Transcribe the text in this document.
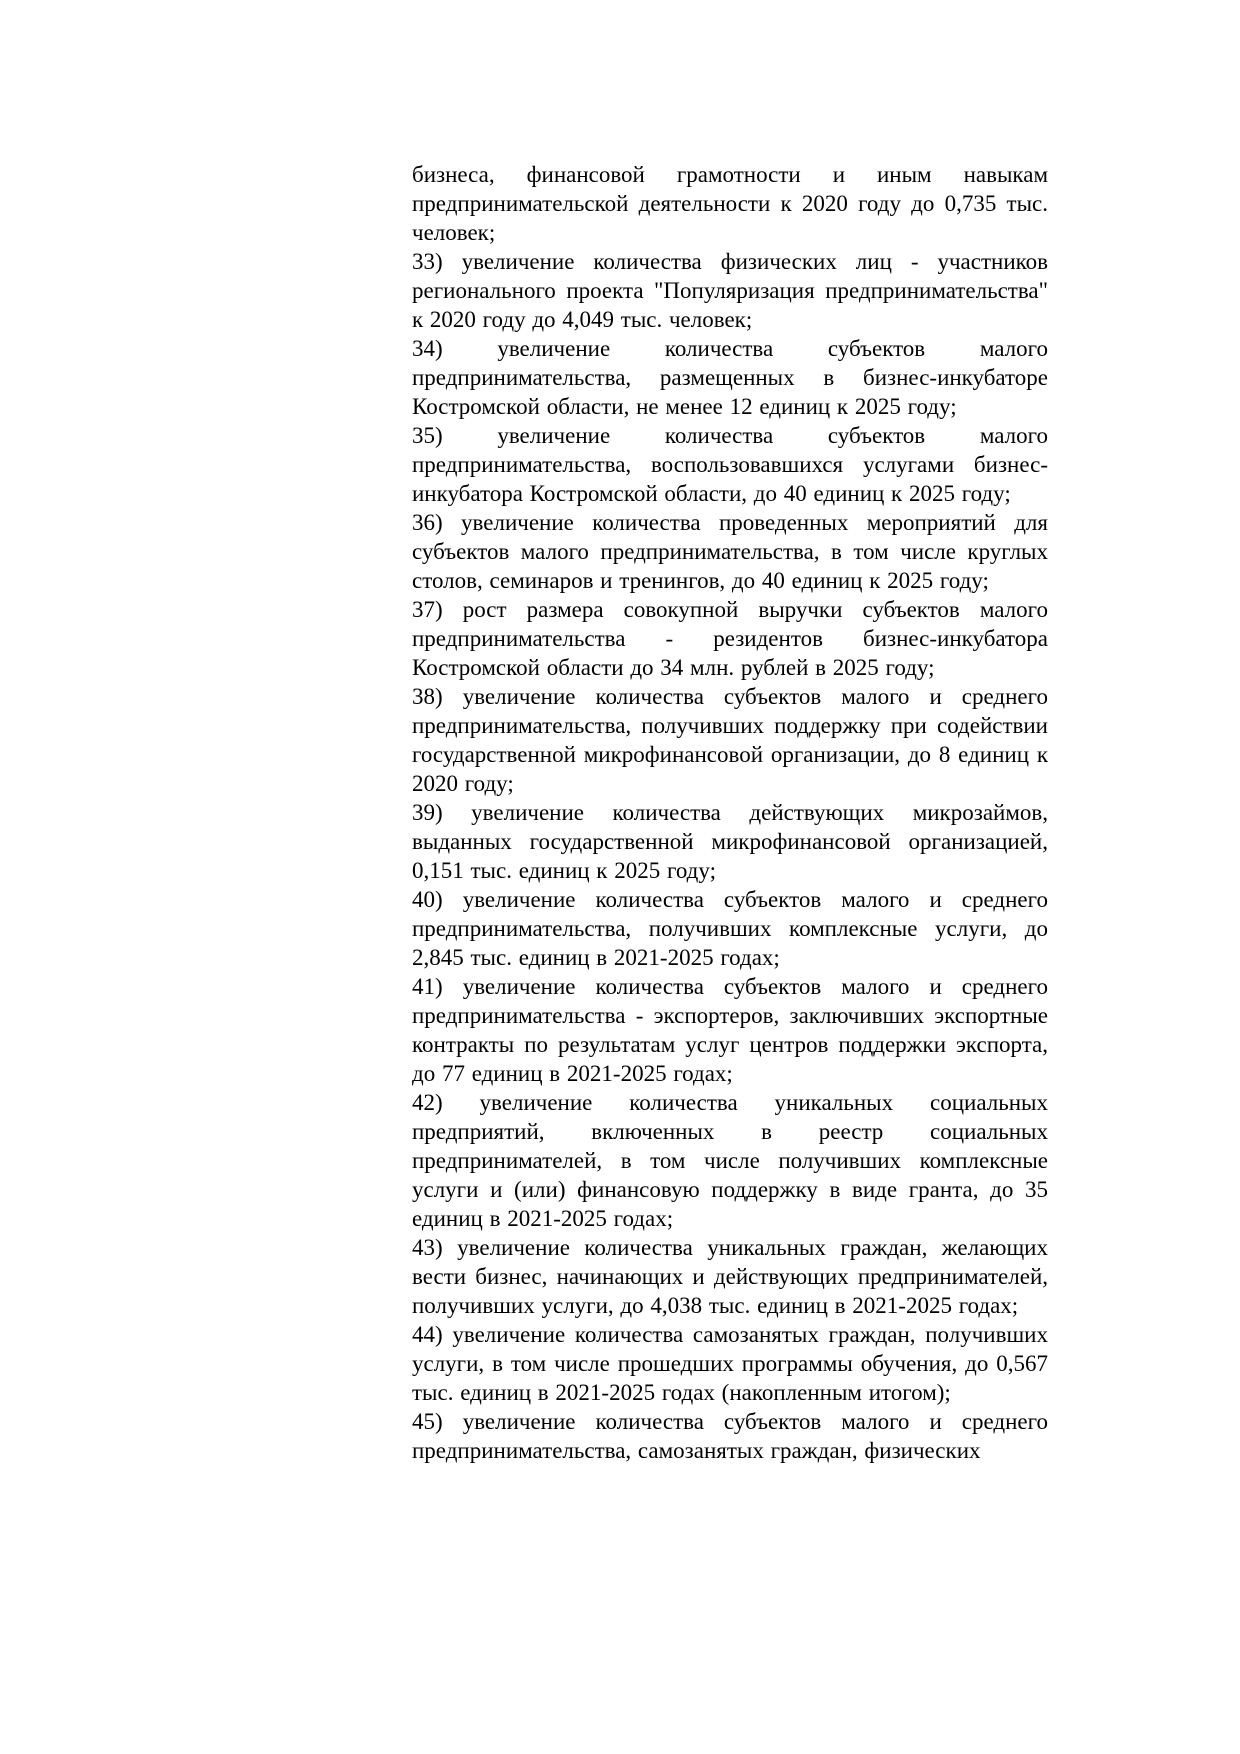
бизнеса, финансовой грамотности и иным навыкам предпринимательской деятельности к 2020 году до 0,735 тыс. человек;

33) увеличение количества физических лиц - участников регионального проекта "Популяризация предпринимательства" к 2020 году до 4,049 тыс. человек;

34) увеличение количества субъектов малого предпринимательства, размещенных в бизнес-инкубаторе Костромской области, не менее 12 единиц к 2025 году;

35) увеличение количества субъектов малого предпринимательства, воспользовавшихся услугами бизнес-инкубатора Костромской области, до 40 единиц к 2025 году;

36) увеличение количества проведенных мероприятий для субъектов малого предпринимательства, в том числе круглых столов, семинаров и тренингов, до 40 единиц к 2025 году;

37) рост размера совокупной выручки субъектов малого предпринимательства - резидентов бизнес-инкубатора Костромской области до 34 млн. рублей в 2025 году;

38) увеличение количества субъектов малого и среднего предпринимательства, получивших поддержку при содействии государственной микрофинансовой организации, до 8 единиц к 2020 году;

39) увеличение количества действующих микрозаймов, выданных государственной микрофинансовой организацией, 0,151 тыс. единиц к 2025 году;

40) увеличение количества субъектов малого и среднего предпринимательства, получивших комплексные услуги, до 2,845 тыс. единиц в 2021-2025 годах;

41) увеличение количества субъектов малого и среднего предпринимательства - экспортеров, заключивших экспортные контракты по результатам услуг центров поддержки экспорта, до 77 единиц в 2021-2025 годах;

42) увеличение количества уникальных социальных предприятий, включенных в реестр социальных предпринимателей, в том числе получивших комплексные услуги и (или) финансовую поддержку в виде гранта, до 35 единиц в 2021-2025 годах;

43) увеличение количества уникальных граждан, желающих вести бизнес, начинающих и действующих предпринимателей, получивших услуги, до 4,038 тыс. единиц в 2021-2025 годах;

44) увеличение количества самозанятых граждан, получивших услуги, в том числе прошедших программы обучения, до 0,567 тыс. единиц в 2021-2025 годах (накопленным итогом);

45) увеличение количества субъектов малого и среднего предпринимательства, самозанятых граждан, физических
